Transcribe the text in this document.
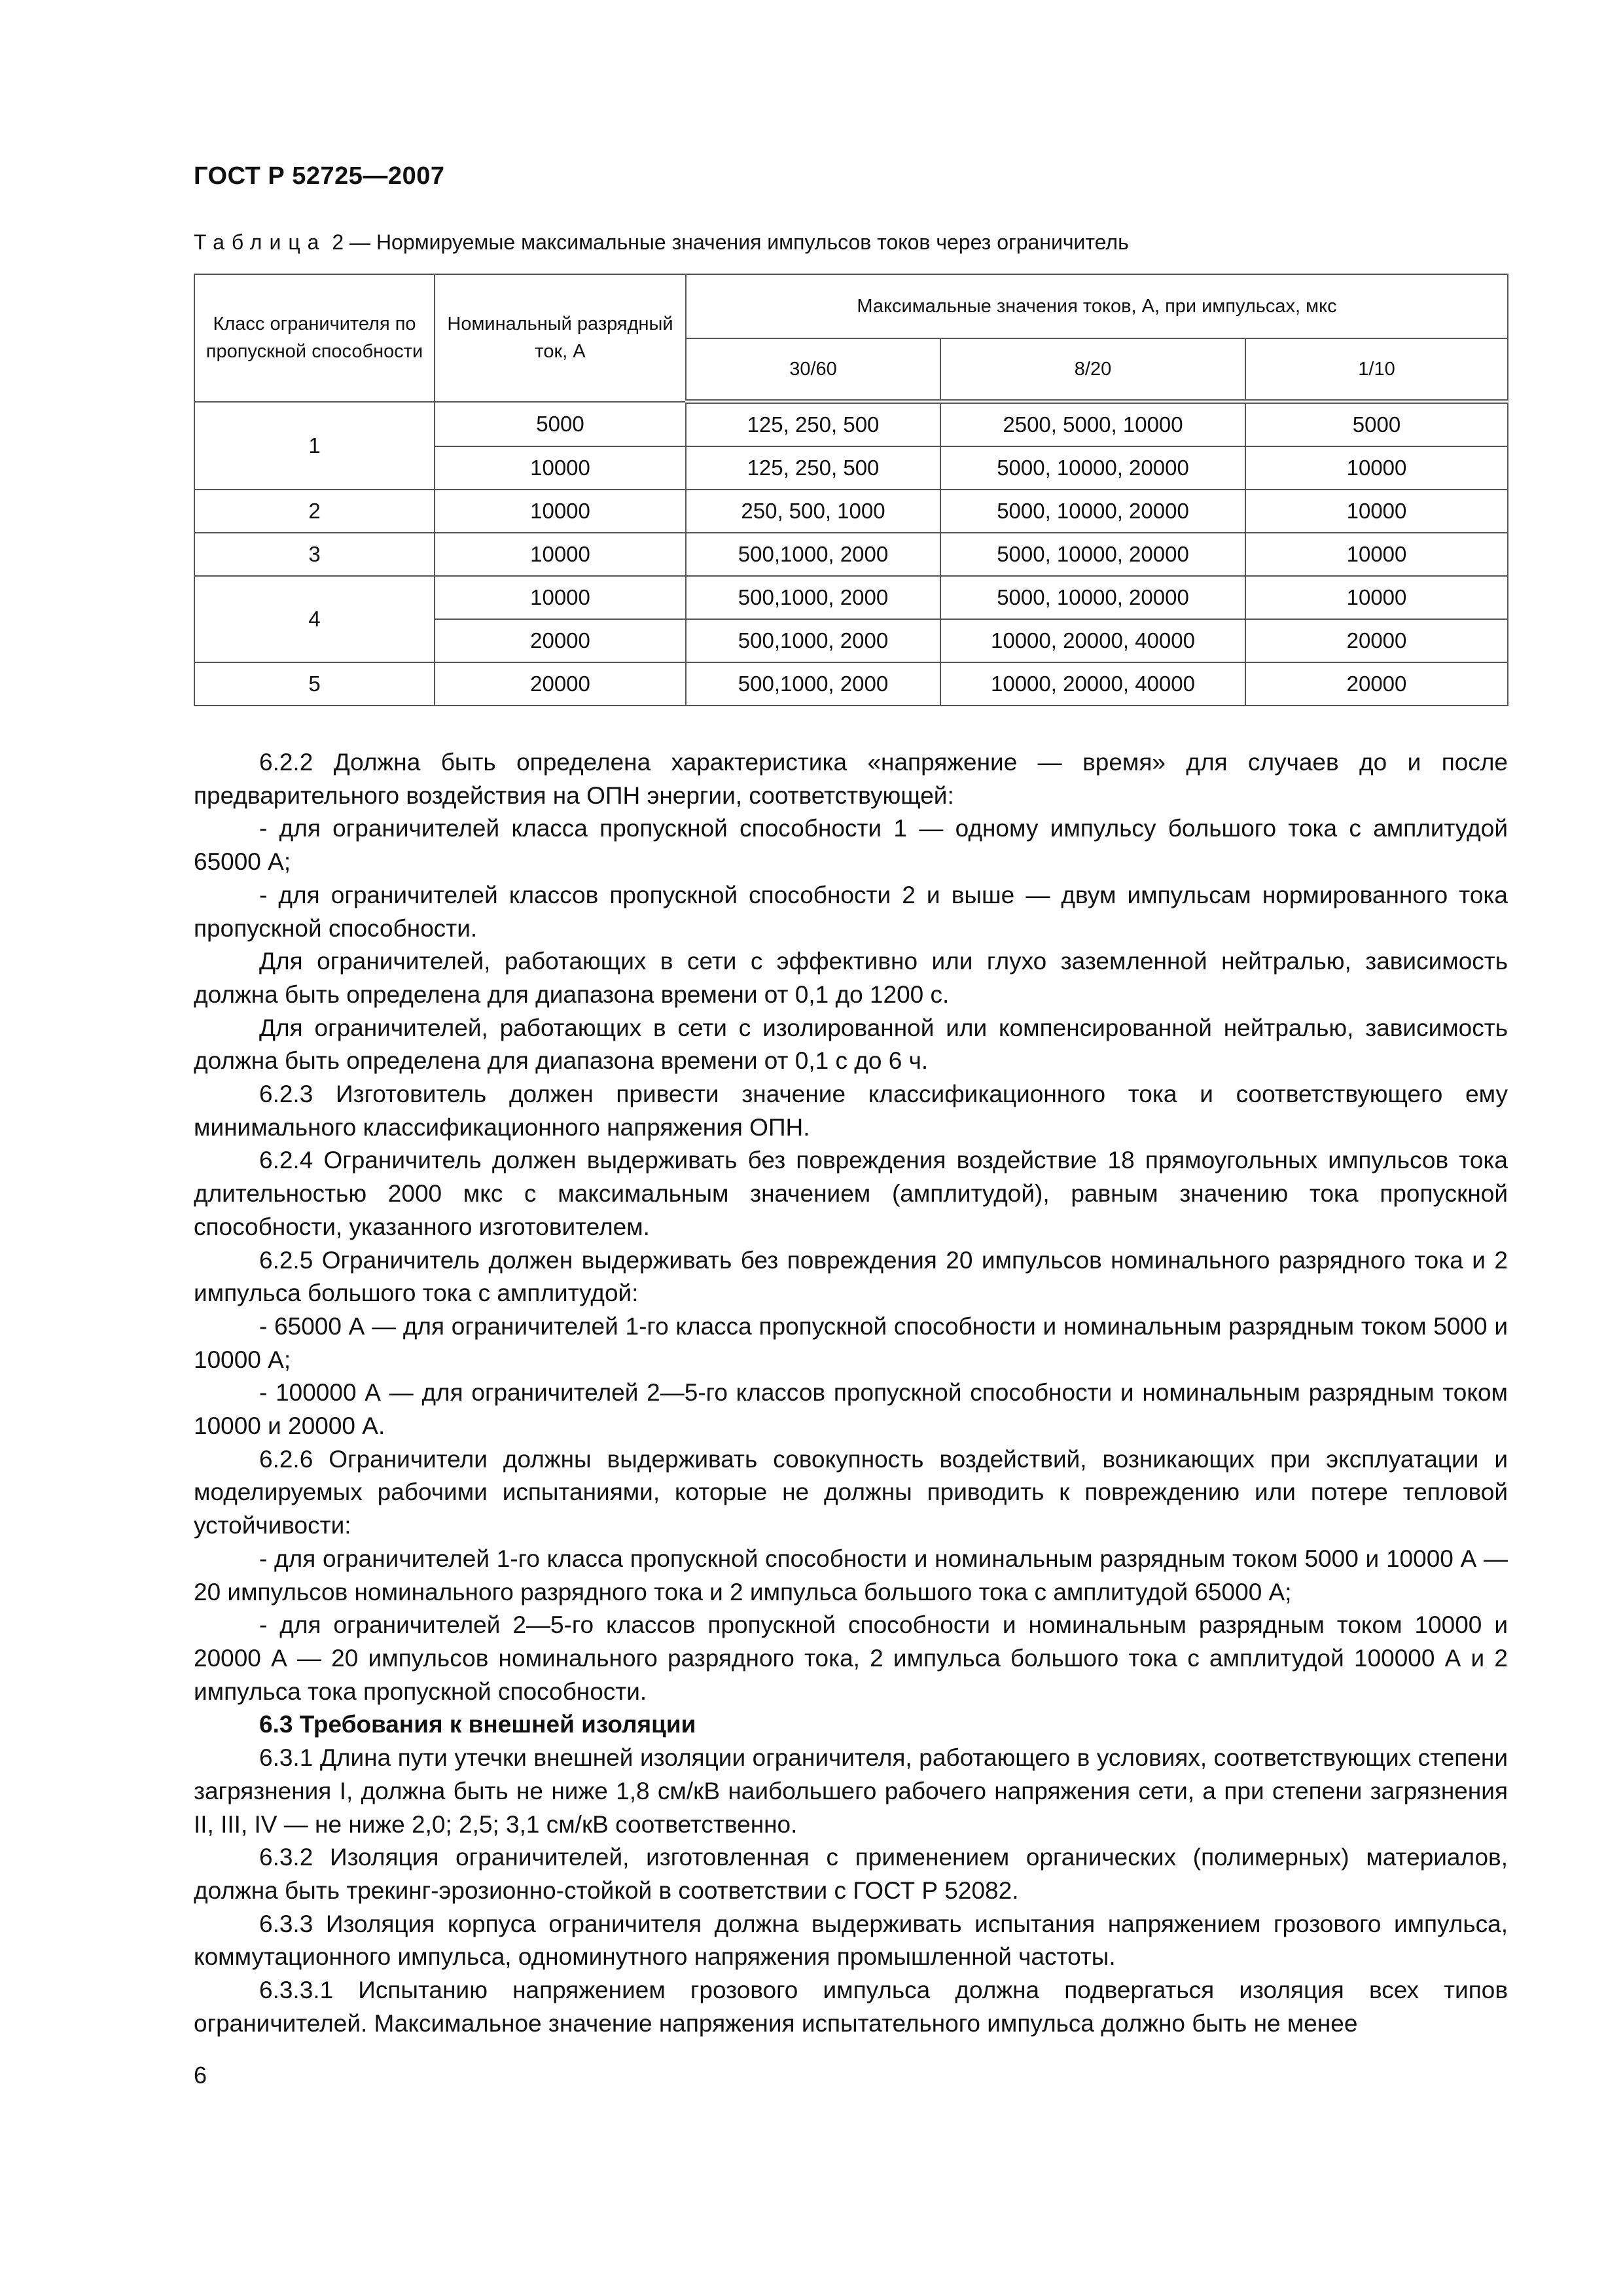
ГОСТ Р 52725—2007
Таблица 2 — Нормируемые максимальные значения импульсов токов через ограничитель
Класс ограничителя по пропускной способности	Номинальный разрядный ток, А	Максимальные значения токов, А, при импульсах, мкс		
		30/60	8/20	1/10
1	5000	125, 250, 500	2500, 5000, 10000	5000
	10000	125, 250, 500	5000, 10000, 20000	10000
2	10000	250, 500, 1000	5000, 10000, 20000	10000
3	10000	500,1000, 2000	5000, 10000, 20000	10000
4	10000	500,1000, 2000	5000, 10000, 20000	10000
	20000	500,1000, 2000	10000, 20000, 40000	20000
5	20000	500,1000, 2000	10000, 20000, 40000	20000

6.2.2 Должна быть определена характеристика «напряжение — время» для случаев до и после предварительного воздействия на ОПН энергии, соответствующей:

- для ограничителей класса пропускной способности 1 — одному импульсу большого тока с амплитудой 65000 А;

- для ограничителей классов пропускной способности 2 и выше — двум импульсам нормированного тока пропускной способности.

Для ограничителей, работающих в сети с эффективно или глухо заземленной нейтралью, зависимость должна быть определена для диапазона времени от 0,1 до 1200 с.

Для ограничителей, работающих в сети с изолированной или компенсированной нейтралью, зависимость должна быть определена для диапазона времени от 0,1 с до 6 ч.

6.2.3 Изготовитель должен привести значение классификационного тока и соответствующего ему минимального классификационного напряжения ОПН.

6.2.4 Ограничитель должен выдерживать без повреждения воздействие 18 прямоугольных импульсов тока длительностью 2000 мкс с максимальным значением (амплитудой), равным значению тока пропускной способности, указанного изготовителем.

6.2.5 Ограничитель должен выдерживать без повреждения 20 импульсов номинального разрядного тока и 2 импульса большого тока с амплитудой:

- 65000 А — для ограничителей 1-го класса пропускной способности и номинальным разрядным током 5000 и 10000 А;

- 100000 А — для ограничителей 2—5-го классов пропускной способности и номинальным разрядным током 10000 и 20000 А.

6.2.6 Ограничители должны выдерживать совокупность воздействий, возникающих при эксплуатации и моделируемых рабочими испытаниями, которые не должны приводить к повреждению или потере тепловой устойчивости:

- для ограничителей 1-го класса пропускной способности и номинальным разрядным током 5000 и 10000 А — 20 импульсов номинального разрядного тока и 2 импульса большого тока с амплитудой 65000 А;

- для ограничителей 2—5-го классов пропускной способности и номинальным разрядным током 10000 и 20000 А — 20 импульсов номинального разрядного тока, 2 импульса большого тока с амплитудой 100000 А и 2 импульса тока пропускной способности.

6.3 Требования к внешней изоляции

6.3.1 Длина пути утечки внешней изоляции ограничителя, работающего в условиях, соответствующих степени загрязнения I, должна быть не ниже 1,8 см/кВ наибольшего рабочего напряжения сети, а при степени загрязнения II, III, IV — не ниже 2,0; 2,5; 3,1 см/кВ соответственно.

6.3.2 Изоляция ограничителей, изготовленная с применением органических (полимерных) материалов, должна быть трекинг-эрозионно-стойкой в соответствии с ГОСТ Р 52082.

6.3.3 Изоляция корпуса ограничителя должна выдерживать испытания напряжением грозового импульса, коммутационного импульса, одноминутного напряжения промышленной частоты.

6.3.3.1 Испытанию напряжением грозового импульса должна подвергаться изоляция всех типов ограничителей. Максимальное значение напряжения испытательного импульса должно быть не менее

6
